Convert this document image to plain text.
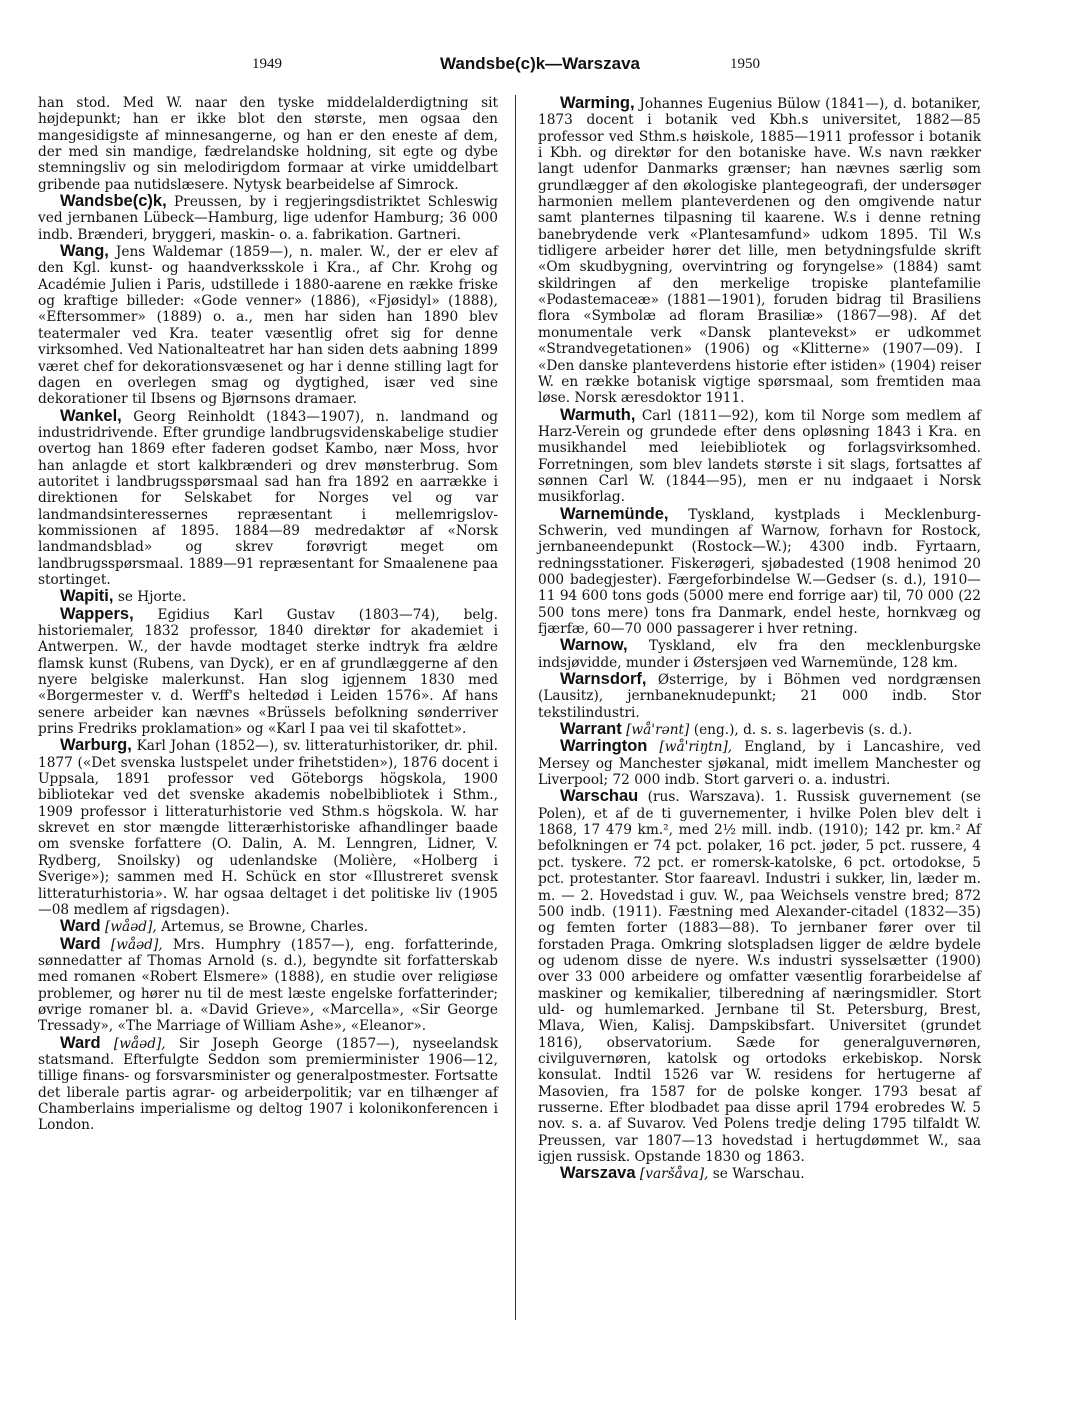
1949	Wandsbe(c)k—Warszava	1950

han stod. Med W. naar den tyske middelalderdigtning sit højdepunkt; han er ikke blot den største, men ogsaa den mangesidigste af minnesangerne, og han er den eneste af dem, der med sin mandige, fædrelandske holdning, sit egte og dybe stemningsliv og sin melodirigdom formaar at virke umiddelbart gribende paa nutidslæsere. Nytysk bearbeidelse af Simrock.

Wandsbe(c)k, Preussen, by i regjeringsdistriktet Schleswig ved jernbanen Lübeck—Hamburg, lige udenfor Hamburg; 36 000 indb. Brænderi, bryggeri, maskin- o. a. fabrikation. Gartneri.

Wang, Jens Waldemar (1859—), n. maler. W., der er elev af den Kgl. kunst- og haandverksskole i Kra., af Chr. Krohg og Académie Julien i Paris, udstillede i 1880-aarene en række friske og kraftige billeder: «Gode venner» (1886), «Fjøsidyl» (1888), «Eftersommer» (1889) o. a., men har siden han 1890 blev teatermaler ved Kra. teater væsentlig ofret sig for denne virksomhed. Ved Nationalteatret har han siden dets aabning 1899 været chef for dekorationsvæsenet og har i denne stilling lagt for dagen en overlegen smag og dygtighed, især ved sine dekorationer til Ibsens og Bjørnsons dramaer.

Wankel, Georg Reinholdt (1843—1907), n. landmand og industridrivende. Efter grundige landbrugsvidenskabelige studier overtog han 1869 efter faderen godset Kambo, nær Moss, hvor han anlagde et stort kalkbrænderi og drev mønsterbrug. Som autoritet i landbrugsspørsmaal sad han fra 1892 en aarrække i direktionen for Selskabet for Norges vel og var landmandsinteressernes repræsentant i mellemrigslov-kommissionen af 1895. 1884—89 medredaktør af «Norsk landmandsblad» og skrev forøvrigt meget om landbrugsspørsmaal. 1889—91 repræsentant for Smaalenene paa stortinget.

Wapiti, se Hjorte.

Wappers, Egidius Karl Gustav (1803—74), belg. historiemaler, 1832 professor, 1840 direktør for akademiet i Antwerpen. W., der havde modtaget sterke indtryk fra ældre flamsk kunst (Rubens, van Dyck), er en af grundlæggerne af den nyere belgiske malerkunst. Han slog igjennem 1830 med «Borgermester v. d. Werff's heltedød i Leiden 1576». Af hans senere arbeider kan nævnes «Brüssels befolkning sønderriver prins Fredriks proklamation» og «Karl I paa vei til skafottet».

Warburg, Karl Johan (1852—), sv. litteraturhistoriker, dr. phil. 1877 («Det svenska lustspelet under frihetstiden»), 1876 docent i Uppsala, 1891 professor ved Göteborgs högskola, 1900 bibliotekar ved det svenske akademis nobelbibliotek i Sthm., 1909 professor i litteraturhistorie ved Sthm.s högskola. W. har skrevet en stor mængde litterærhistoriske afhandlinger baade om svenske forfattere (O. Dalin, A. M. Lenngren, Lidner, V. Rydberg, Snoilsky) og udenlandske (Molière, «Holberg i Sverige»); sammen med H. Schück en stor «Illustreret svensk litteraturhistoria». W. har ogsaa deltaget i det politiske liv (1905—08 medlem af rigsdagen).

Ward [wåəd], Artemus, se Browne, Charles.

Ward [wåəd], Mrs. Humphry (1857—), eng. forfatterinde, sønnedatter af Thomas Arnold (s. d.), begyndte sit forfatterskab med romanen «Robert Elsmere» (1888), en studie over religiøse problemer, og hører nu til de mest læste engelske forfatterinder; øvrige romaner bl. a. «David Grieve», «Marcella», «Sir George Tressady», «The Marriage of William Ashe», «Eleanor».

Ward [wåəd], Sir Joseph George (1857—), nyseelandsk statsmand. Efterfulgte Seddon som premierminister 1906—12, tillige finans- og forsvarsminister og generalpostmester. Fortsatte det liberale partis agrar- og arbeiderpolitik; var en tilhænger af Chamberlains imperialisme og deltog 1907 i kolonikonferencen i London.

Warming, Johannes Eugenius Bülow (1841—), d. botaniker, 1873 docent i botanik ved Kbh.s universitet, 1882—85 professor ved Sthm.s høiskole, 1885—1911 professor i botanik i Kbh. og direktør for den botaniske have. W.s navn rækker langt udenfor Danmarks grænser; han nævnes særlig som grundlægger af den økologiske plantegeografi, der undersøger harmonien mellem planteverdenen og den omgivende natur samt planternes tilpasning til kaarene. W.s i denne retning banebrydende verk «Plantesamfund» udkom 1895. Til W.s tidligere arbeider hører det lille, men betydningsfulde skrift «Om skudbygning, overvintring og foryngelse» (1884) samt skildringen af den merkelige tropiske plantefamilie «Podastemaceæ» (1881—1901), foruden bidrag til Brasiliens flora «Symbolæ ad floram Brasiliæ» (1867—98). Af det monumentale verk «Dansk plantevekst» er udkommet «Strandvegetationen» (1906) og «Klitterne» (1907—09). I «Den danske planteverdens historie efter istiden» (1904) reiser W. en række botanisk vigtige spørsmaal, som fremtiden maa løse. Norsk æresdoktor 1911.

Warmuth, Carl (1811—92), kom til Norge som medlem af Harz-Verein og grundede efter dens opløsning 1843 i Kra. en musikhandel med leiebibliotek og forlagsvirksomhed. Forretningen, som blev landets største i sit slags, fortsattes af sønnen Carl W. (1844—95), men er nu indgaaet i Norsk musikforlag.

Warnemünde, Tyskland, kystplads i Mecklenburg-Schwerin, ved mundingen af Warnow, forhavn for Rostock, jernbaneendepunkt (Rostock—W.); 4300 indb. Fyrtaarn, redningsstationer. Fiskerøgeri, sjøbadested (1908 henimod 20 000 badegjester). Færgeforbindelse W.—Gedser (s. d.), 1910—11 94 600 tons gods (5000 mere end forrige aar) til, 70 000 (22 500 tons mere) tons fra Danmark, endel heste, hornkvæg og fjærfæ, 60—70 000 passagerer i hver retning.

Warnow, Tyskland, elv fra den mecklenburgske indsjøvidde, munder i Østersjøen ved Warnemünde, 128 km.

Warnsdorf, Østerrige, by i Böhmen ved nordgrænsen (Lausitz), jernbaneknudepunkt; 21 000 indb. Stor tekstilindustri.

Warrant [wå'rənt] (eng.), d. s. s. lagerbevis (s. d.).

Warrington [wå'riŋtn], England, by i Lancashire, ved Mersey og Manchester sjøkanal, midt imellem Manchester og Liverpool; 72 000 indb. Stort garveri o. a. industri.

Warschau (rus. Warszava). 1. Russisk guvernement (se Polen), et af de ti guvernementer, i hvilke Polen blev delt i 1868, 17 479 km.², med 2½ mill. indb. (1910); 142 pr. km.² Af befolkningen er 74 pct. polaker, 16 pct. jøder, 5 pct. russere, 4 pct. tyskere. 72 pct. er romersk-katolske, 6 pct. ortodokse, 5 pct. protestanter. Stor faareavl. Industri i sukker, lin, læder m. m. — 2. Hovedstad i guv. W., paa Weichsels venstre bred; 872 500 indb. (1911). Fæstning med Alexander-citadel (1832—35) og femten forter (1883—88). To jernbaner fører over til forstaden Praga. Omkring slotspladsen ligger de ældre bydele og udenom disse de nyere. W.s industri sysselsætter (1900) over 33 000 arbeidere og omfatter væsentlig forarbeidelse af maskiner og kemikalier, tilberedning af næringsmidler. Stort uld- og humlemarked. Jernbane til St. Petersburg, Brest, Mlava, Wien, Kalisj. Dampskibsfart. Universitet (grundet 1816), observatorium. Sæde for generalguvernøren, civilguvernøren, katolsk og ortodoks erkebiskop. Norsk konsulat. Indtil 1526 var W. residens for hertugerne af Masovien, fra 1587 for de polske konger. 1793 besat af russerne. Efter blodbadet paa disse april 1794 erobredes W. 5 nov. s. a. af Suvarov. Ved Polens tredje deling 1795 tilfaldt W. Preussen, var 1807—13 hovedstad i hertugdømmet W., saa igjen russisk. Opstande 1830 og 1863.

Warszava [varšåva], se Warschau.
